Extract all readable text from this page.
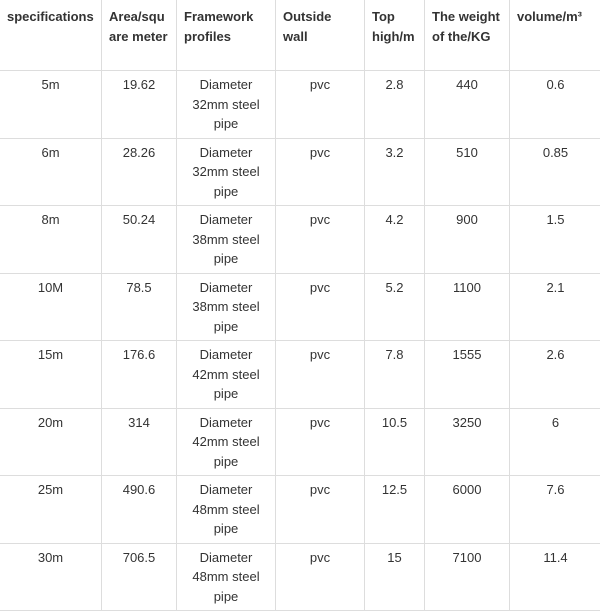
specifications	Area/squ are meter	Framework profiles	Outside wall	Top high/m	The weight of the/KG	volume/m³

5m	19.62	Diameter 32mm steel pipe	pvc	2.8	440	0.6

6m	28.26	Diameter 32mm steel pipe	pvc	3.2	510	0.85

8m	50.24	Diameter 38mm steel pipe	pvc	4.2	900	1.5

10M	78.5	Diameter 38mm steel pipe	pvc	5.2	1100	2.1

15m	176.6	Diameter 42mm steel pipe	pvc	7.8	1555	2.6

20m	314	Diameter 42mm steel pipe	pvc	10.5	3250	6

25m	490.6	Diameter 48mm steel pipe	pvc	12.5	6000	7.6

30m	706.5	Diameter 48mm steel pipe	pvc	15	7100	11.4
